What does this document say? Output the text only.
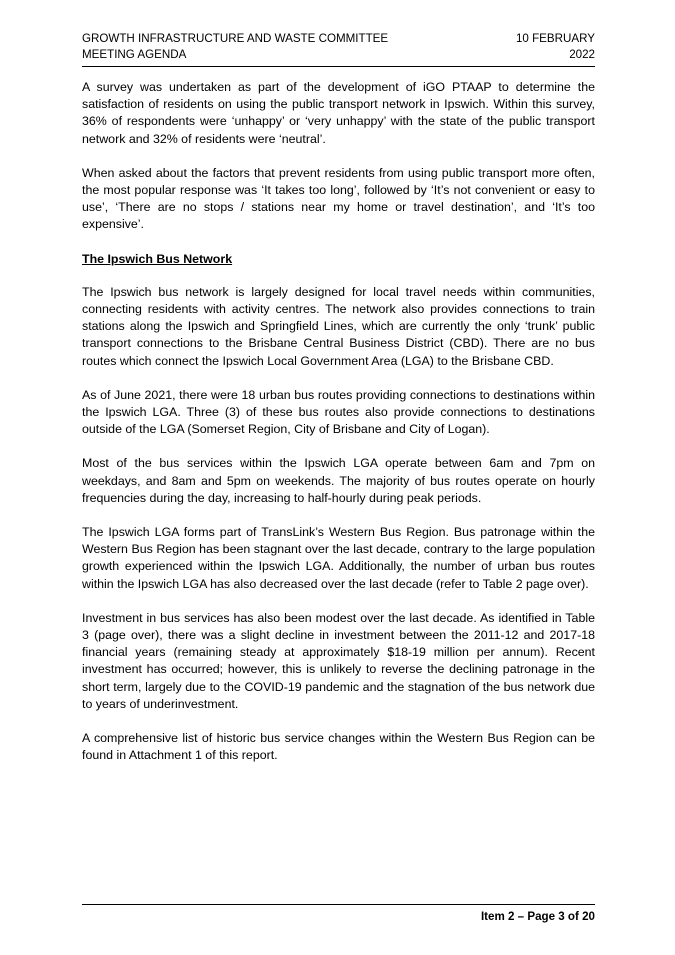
GROWTH INFRASTRUCTURE AND WASTE COMMITTEE
MEETING AGENDA
10 FEBRUARY
2022

A survey was undertaken as part of the development of iGO PTAAP to determine the satisfaction of residents on using the public transport network in Ipswich. Within this survey, 36% of respondents were ‘unhappy’ or ‘very unhappy’ with the state of the public transport network and 32% of residents were ‘neutral’.

When asked about the factors that prevent residents from using public transport more often, the most popular response was ‘It takes too long’, followed by ‘It’s not convenient or easy to use’, ‘There are no stops / stations near my home or travel destination’, and ‘It’s too expensive’.

The Ipswich Bus Network

The Ipswich bus network is largely designed for local travel needs within communities, connecting residents with activity centres. The network also provides connections to train stations along the Ipswich and Springfield Lines, which are currently the only ‘trunk’ public transport connections to the Brisbane Central Business District (CBD). There are no bus routes which connect the Ipswich Local Government Area (LGA) to the Brisbane CBD.

As of June 2021, there were 18 urban bus routes providing connections to destinations within the Ipswich LGA. Three (3) of these bus routes also provide connections to destinations outside of the LGA (Somerset Region, City of Brisbane and City of Logan).

Most of the bus services within the Ipswich LGA operate between 6am and 7pm on weekdays, and 8am and 5pm on weekends. The majority of bus routes operate on hourly frequencies during the day, increasing to half-hourly during peak periods.

The Ipswich LGA forms part of TransLink’s Western Bus Region. Bus patronage within the Western Bus Region has been stagnant over the last decade, contrary to the large population growth experienced within the Ipswich LGA. Additionally, the number of urban bus routes within the Ipswich LGA has also decreased over the last decade (refer to Table 2 page over).

Investment in bus services has also been modest over the last decade. As identified in Table 3 (page over), there was a slight decline in investment between the 2011-12 and 2017-18 financial years (remaining steady at approximately $18-19 million per annum). Recent investment has occurred; however, this is unlikely to reverse the declining patronage in the short term, largely due to the COVID-19 pandemic and the stagnation of the bus network due to years of underinvestment.

A comprehensive list of historic bus service changes within the Western Bus Region can be found in Attachment 1 of this report.

Item 2 – Page 3 of 20
